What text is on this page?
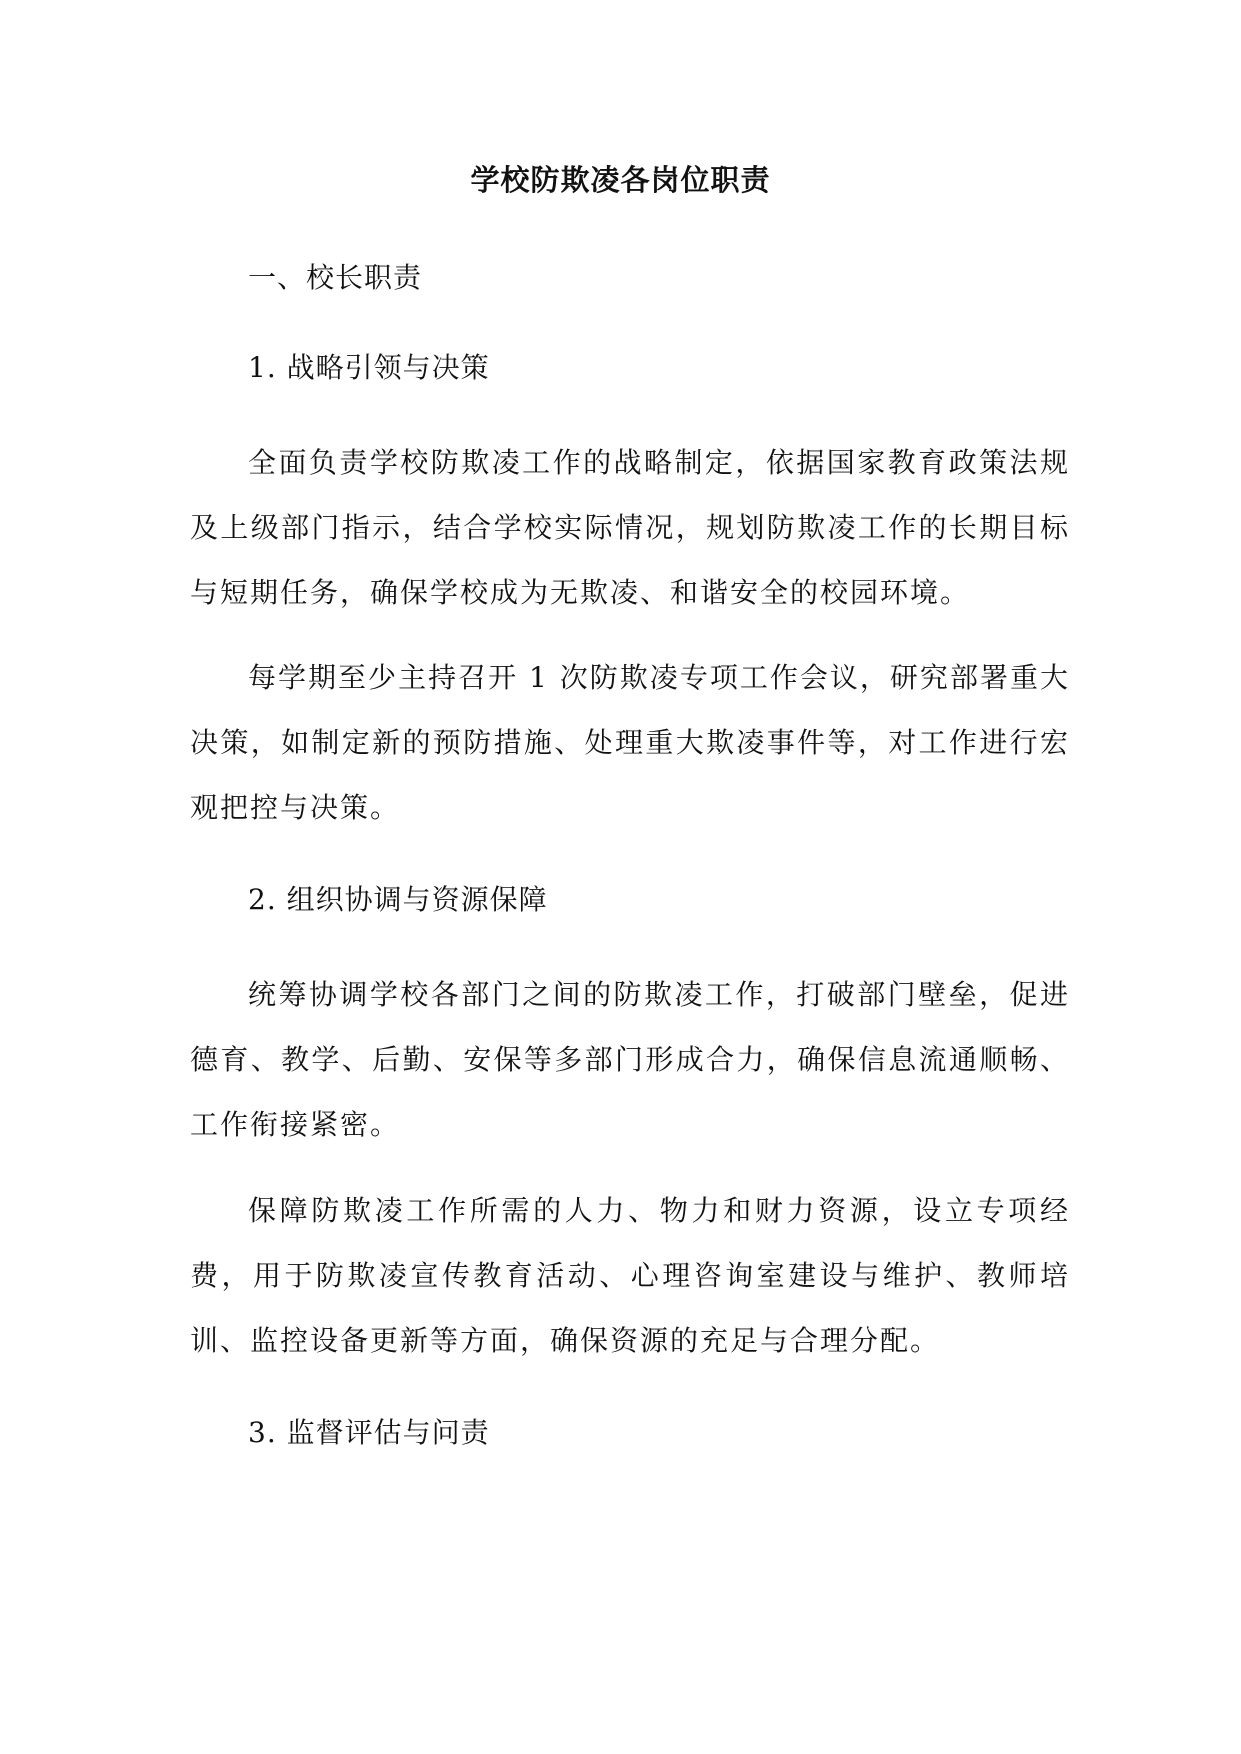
学校防欺凌各岗位职责
一、校长职责
1. 战略引领与决策

全面负责学校防欺凌工作的战略制定，依据国家教育政策法规及上级部门指示，结合学校实际情况，规划防欺凌工作的长期目标与短期任务，确保学校成为无欺凌、和谐安全的校园环境。

每学期至少主持召开 1 次防欺凌专项工作会议，研究部署重大决策，如制定新的预防措施、处理重大欺凌事件等，对工作进行宏观把控与决策。

2. 组织协调与资源保障

统筹协调学校各部门之间的防欺凌工作，打破部门壁垒，促进德育、教学、后勤、安保等多部门形成合力，确保信息流通顺畅、工作衔接紧密。

保障防欺凌工作所需的人力、物力和财力资源，设立专项经费，用于防欺凌宣传教育活动、心理咨询室建设与维护、教师培训、监控设备更新等方面，确保资源的充足与合理分配。

3. 监督评估与问责
